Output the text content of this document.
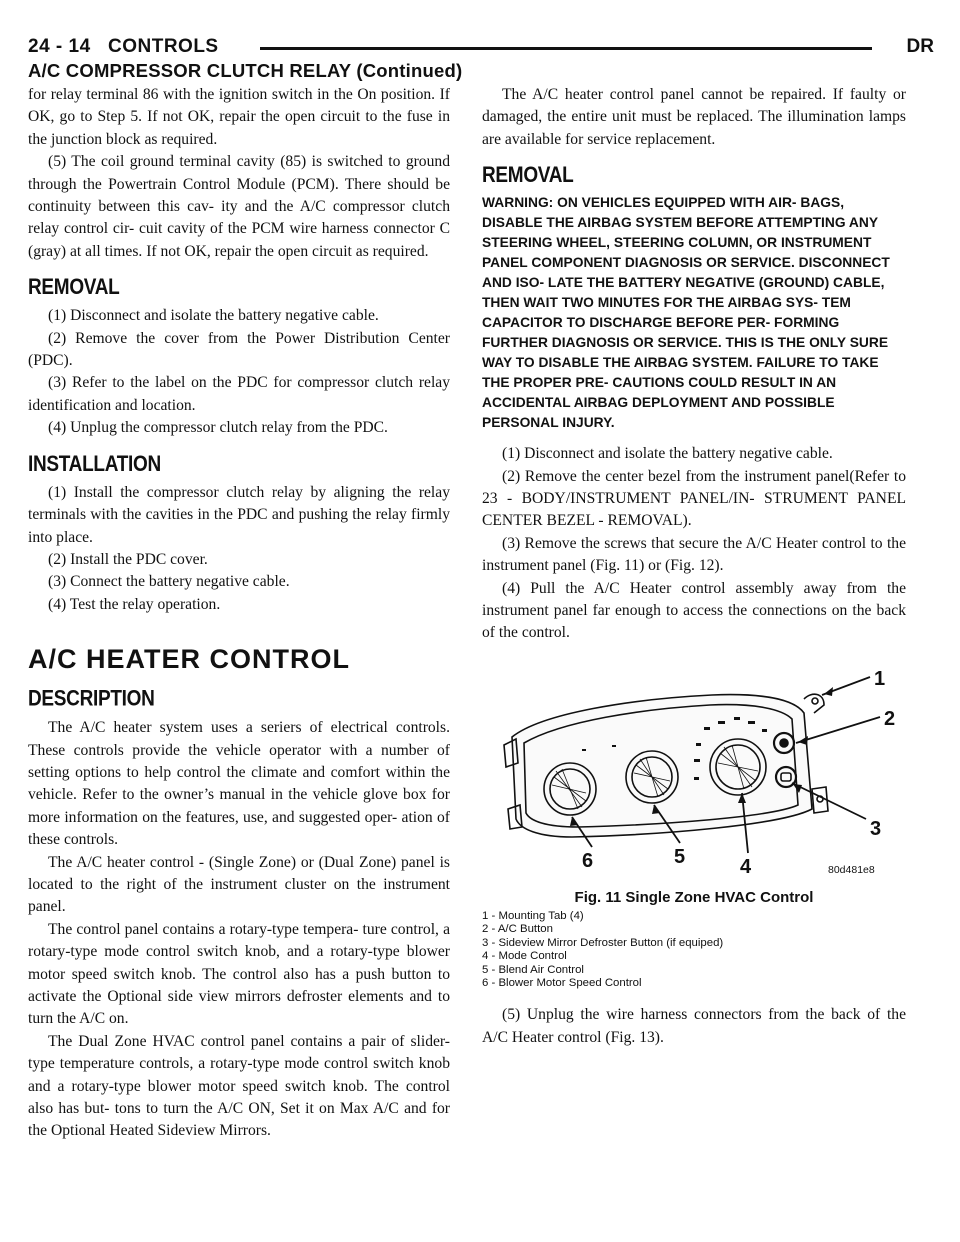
24 - 14 CONTROLS	DR
A/C COMPRESSOR CLUTCH RELAY (Continued)

for relay terminal 86 with the ignition switch in the On position. If OK, go to Step 5. If not OK, repair the open circuit to the fuse in the junction block as required.

(5) The coil ground terminal cavity (85) is switched to ground through the Powertrain Control Module (PCM). There should be continuity between this cav- ity and the A/C compressor clutch relay control cir- cuit cavity of the PCM wire harness connector C (gray) at all times. If not OK, repair the open circuit as required.

REMOVAL

(1) Disconnect and isolate the battery negative cable.

(2) Remove the cover from the Power Distribution Center (PDC).

(3) Refer to the label on the PDC for compressor clutch relay identification and location.

(4) Unplug the compressor clutch relay from the PDC.

INSTALLATION

(1) Install the compressor clutch relay by aligning the relay terminals with the cavities in the PDC and pushing the relay firmly into place.

(2) Install the PDC cover.

(3) Connect the battery negative cable.

(4) Test the relay operation.

A/C HEATER CONTROL
DESCRIPTION

The A/C heater system uses a seriers of electrical controls. These controls provide the vehicle operator with a number of setting options to help control the climate and comfort within the vehicle. Refer to the owner’s manual in the vehicle glove box for more information on the features, use, and suggested oper- ation of these controls.

The A/C heater control - (Single Zone) or (Dual Zone) panel is located to the right of the instrument cluster on the instrument panel.

The control panel contains a rotary-type tempera- ture control, a rotary-type mode control switch knob, and a rotary-type blower motor speed switch knob. The control also has a push button to activate the Optional side view mirrors defroster elements and to turn the A/C on.

The Dual Zone HVAC control panel contains a pair of slider-type temperature controls, a rotary-type mode control switch knob and a rotary-type blower motor speed switch knob. The control also has but- tons to turn the A/C ON, Set it on Max A/C and for the Optional Heated Sideview Mirrors.

The A/C heater control panel cannot be repaired. If faulty or damaged, the entire unit must be replaced. The illumination lamps are available for service replacement.

REMOVAL
WARNING: ON VEHICLES EQUIPPED WITH AIR- BAGS, DISABLE THE AIRBAG SYSTEM BEFORE ATTEMPTING ANY STEERING WHEEL, STEERING COLUMN, OR INSTRUMENT PANEL COMPONENT DIAGNOSIS OR SERVICE. DISCONNECT AND ISO- LATE THE BATTERY NEGATIVE (GROUND) CABLE, THEN WAIT TWO MINUTES FOR THE AIRBAG SYS- TEM CAPACITOR TO DISCHARGE BEFORE PER- FORMING FURTHER DIAGNOSIS OR SERVICE. THIS IS THE ONLY SURE WAY TO DISABLE THE AIRBAG SYSTEM. FAILURE TO TAKE THE PROPER PRE- CAUTIONS COULD RESULT IN AN ACCIDENTAL AIRBAG DEPLOYMENT AND POSSIBLE PERSONAL INJURY.

(1) Disconnect and isolate the battery negative cable.

(2) Remove the center bezel from the instrument panel(Refer to 23 - BODY/INSTRUMENT PANEL/IN- STRUMENT PANEL CENTER BEZEL - REMOVAL).

(3) Remove the screws that secure the A/C Heater control to the instrument panel (Fig. 11) or (Fig. 12).

(4) Pull the A/C Heater control assembly away from the instrument panel far enough to access the connections on the back of the control.

1
2
3
4
5
6	80d481e8
Fig. 11 Single Zone HVAC Control
1 - Mounting Tab (4)
2 - A/C Button
3 - Sideview Mirror Defroster Button (if equiped)
4 - Mode Control
5 - Blend Air Control
6 - Blower Motor Speed Control

(5) Unplug the wire harness connectors from the back of the A/C Heater control (Fig. 13).
